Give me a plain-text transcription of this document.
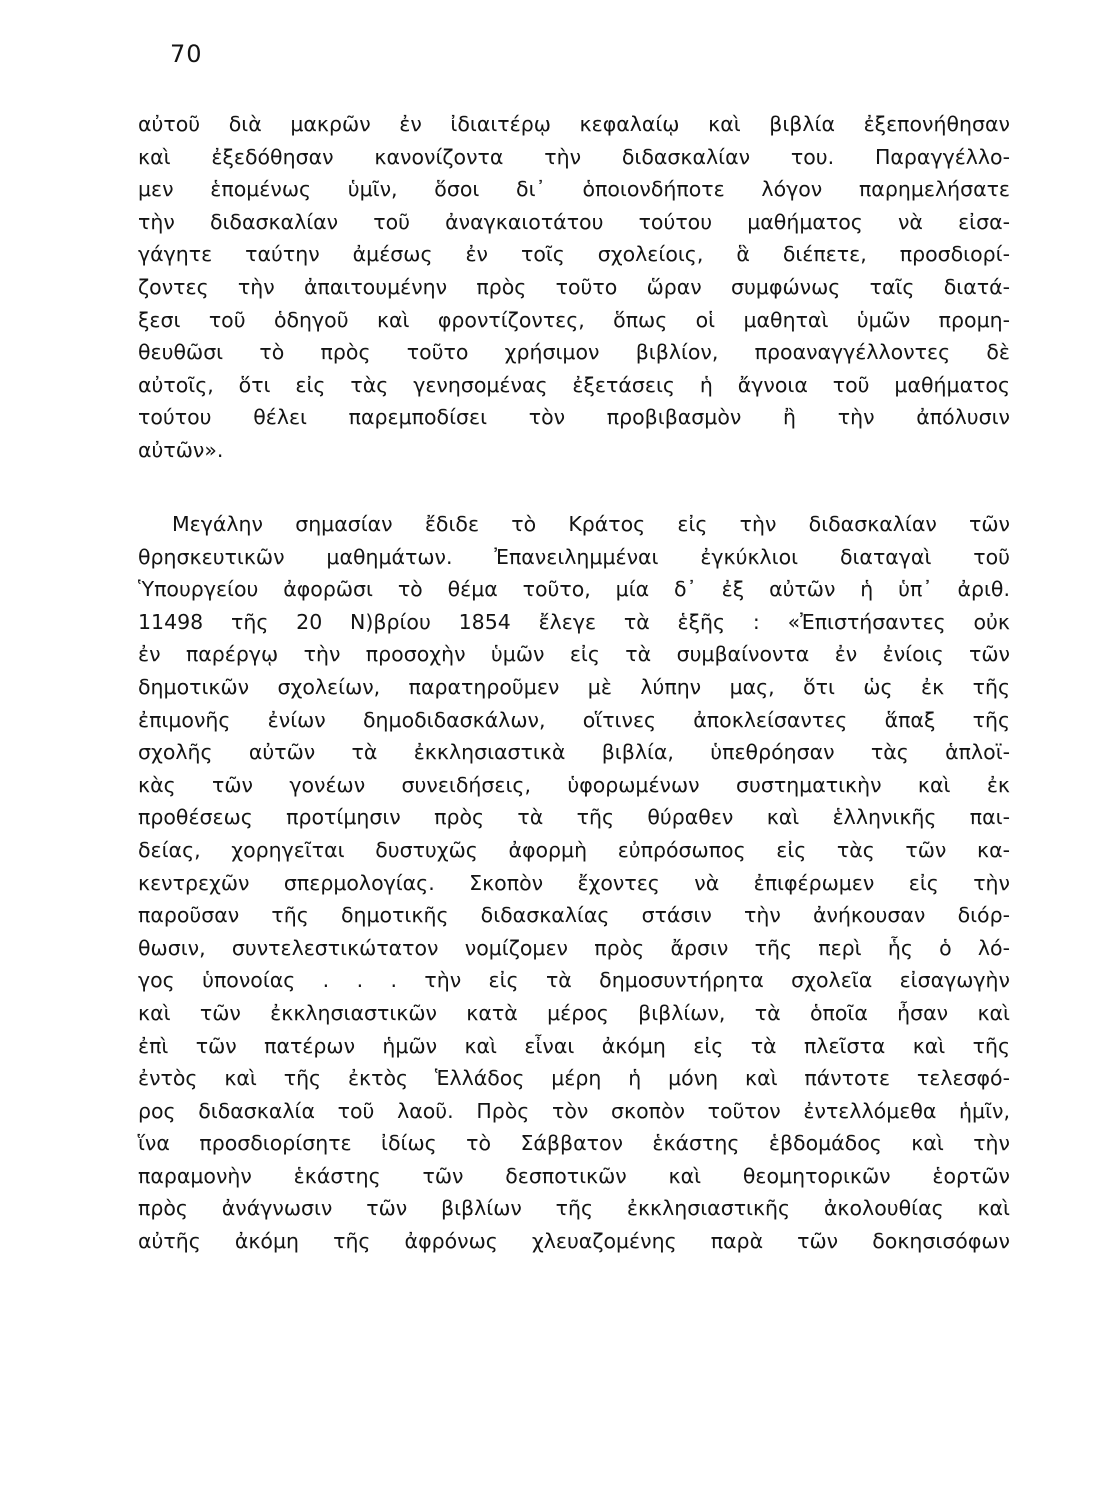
70
αὐτοῦ διὰ μακρῶν ἐν ἰδιαιτέρῳ κεφαλαίῳ καὶ βιβλία ἐξεπονήθησαν
καὶ ἐξεδόθησαν κανονίζοντα τὴν διδασκαλίαν του. Παραγγέλλο-
μεν ἑπομένως ὑμῖν, ὅσοι δι᾿ ὁποιονδήποτε λόγον παρημελήσατε
τὴν διδασκαλίαν τοῦ ἀναγκαιοτάτου τούτου μαθήματος νὰ εἰσα-
γάγητε ταύτην ἀμέσως ἐν τοῖς σχολείοις, ἃ διέπετε, προσδιορί-
ζοντες τὴν ἀπαιτουμένην πρὸς τοῦτο ὥραν συμφώνως ταῖς διατά-
ξεσι τοῦ ὁδηγοῦ καὶ φροντίζοντες, ὅπως οἱ μαθηταὶ ὑμῶν προμη-
θευθῶσι τὸ πρὸς τοῦτο χρήσιμον βιβλίον, προαναγγέλλοντες δὲ
αὐτοῖς, ὅτι εἰς τὰς γενησομένας ἐξετάσεις ἡ ἄγνοια τοῦ μαθήματος
τούτου θέλει παρεμποδίσει τὸν προβιβασμὸν ἢ τὴν ἀπόλυσιν
αὐτῶν».
Μεγάλην σημασίαν ἔδιδε τὸ Κράτος εἰς τὴν διδασκαλίαν τῶν
θρησκευτικῶν μαθημάτων. Ἐπανειλημμέναι ἐγκύκλιοι διαταγαὶ τοῦ
Ὑπουργείου ἀφορῶσι τὸ θέμα τοῦτο, μία δ᾿ ἐξ αὐτῶν ἡ ὑπ᾿ ἀριθ.
11498 τῆς 20 Ν)βρίου 1854 ἔλεγε τὰ ἑξῆς : «Ἐπιστήσαντες οὐκ
ἐν παρέργῳ τὴν προσοχὴν ὑμῶν εἰς τὰ συμβαίνοντα ἐν ἐνίοις τῶν
δημοτικῶν σχολείων, παρατηροῦμεν μὲ λύπην μας, ὅτι ὡς ἐκ τῆς
ἐπιμονῆς ἐνίων δημοδιδασκάλων, οἵτινες ἀποκλείσαντες ἅπαξ τῆς
σχολῆς αὐτῶν τὰ ἐκκλησιαστικὰ βιβλία, ὑπεθρόησαν τὰς ἁπλοϊ-
κὰς τῶν γονέων συνειδήσεις, ὑφορωμένων συστηματικὴν καὶ ἐκ
προθέσεως προτίμησιν πρὸς τὰ τῆς θύραθεν καὶ ἑλληνικῆς παι-
δείας, χορηγεῖται δυστυχῶς ἀφορμὴ εὐπρόσωπος εἰς τὰς τῶν κα-
κεντρεχῶν σπερμολογίας. Σκοπὸν ἔχοντες νὰ ἐπιφέρωμεν εἰς τὴν
παροῦσαν τῆς δημοτικῆς διδασκαλίας στάσιν τὴν ἀνήκουσαν διόρ-
θωσιν, συντελεστικώτατον νομίζομεν πρὸς ἄρσιν τῆς περὶ ἧς ὁ λό-
γος ὑπονοίας . . . τὴν εἰς τὰ δημοσυντήρητα σχολεῖα εἰσαγωγὴν
καὶ τῶν ἐκκλησιαστικῶν κατὰ μέρος βιβλίων, τὰ ὁποῖα ἦσαν καὶ
ἐπὶ τῶν πατέρων ἡμῶν καὶ εἶναι ἀκόμη εἰς τὰ πλεῖστα καὶ τῆς
ἐντὸς καὶ τῆς ἐκτὸς Ἑλλάδος μέρη ἡ μόνη καὶ πάντοτε τελεσφό-
ρος διδασκαλία τοῦ λαοῦ. Πρὸς τὸν σκοπὸν τοῦτον ἐντελλόμεθα ἡμῖν,
ἵνα προσδιορίσητε ἰδίως τὸ Σάββατον ἑκάστης ἑβδομάδος καὶ τὴν
παραμονὴν ἑκάστης τῶν δεσποτικῶν καὶ θεομητορικῶν ἑορτῶν
πρὸς ἀνάγνωσιν τῶν βιβλίων τῆς ἐκκλησιαστικῆς ἀκολουθίας καὶ
αὐτῆς ἀκόμη τῆς ἀφρόνως χλευαζομένης παρὰ τῶν δοκησισόφων
